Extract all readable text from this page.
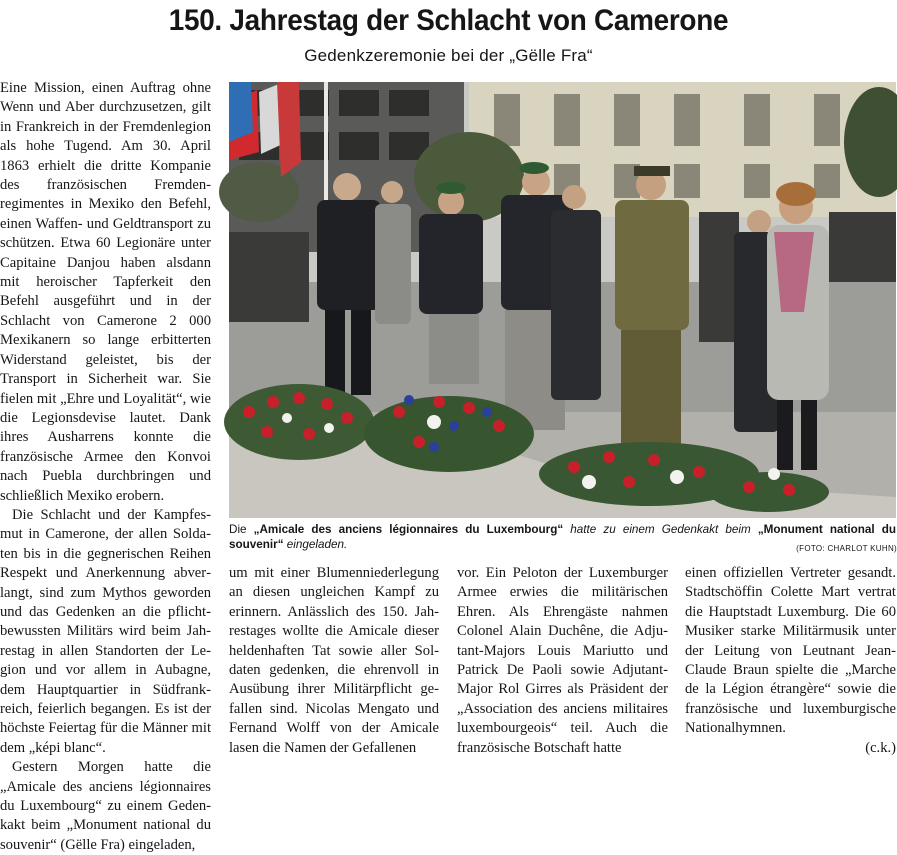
150. Jahrestag der Schlacht von Camerone
Gedenkzeremonie bei der „Gëlle Fra“

Eine Mission, einen Auftrag ohne Wenn und Aber durchzusetzen, gilt in Frankreich in der Fremdenlegion als hohe Tugend. Am 30. April 1863 erhielt die dritte Kompanie des französischen Fremdenregimentes in Mexiko den Befehl, einen Waffen- und Geldtransport zu schützen. Etwa 60 Legionäre unter Capitaine Danjou haben alsdann mit heroischer Tapferkeit den Befehl ausgeführt und in der Schlacht von Camerone 2 000 Mexikanern so lange erbitterten Widerstand geleistet, bis der Transport in Sicherheit war. Sie fielen mit „Ehre und Loyalität“, wie die Legionsdevise lautet. Dank ihres Ausharrens konnte die französische Armee den Konvoi nach Puebla durchbringen und schließlich Mexiko erobern.

Die Schlacht und der Kampfesmut in Camerone, der allen Soldaten bis in die gegnerischen Reihen Respekt und Anerkennung abverlangt, sind zum Mythos geworden und das Gedenken an die pflichtbewussten Militärs wird beim Jahrestag in allen Standorten der Legion und vor allem in Aubagne, dem Hauptquartier in Südfrankreich, feierlich begangen. Es ist der höchste Feiertag für die Männer mit dem „képi blanc“.

Gestern Morgen hatte die „Amicale des anciens légionnaires du Luxembourg“ zu einem Gedenkakt beim „Monument national du souvenir“ (Gëlle Fra) eingeladen,

Die „Amicale des anciens légionnaires du Luxembourg“ hatte zu einem Gedenkakt beim „Monument national du souvenir“ eingeladen.	(FOTO: CHARLOT KUHN)

um mit einer Blumenniederlegung an diesen ungleichen Kampf zu erinnern. Anlässlich des 150. Jahrestages wollte die Amicale dieser heldenhaften Tat sowie aller Soldaten gedenken, die ehrenvoll in Ausübung ihrer Militärpflicht gefallen sind. Nicolas Mengato und Fernand Wolff von der Amicale lasen die Namen der Gefallenen

vor. Ein Peloton der Luxemburger Armee erwies die militärischen Ehren. Als Ehrengäste nahmen Colonel Alain Duchêne, die Adjutant-Majors Louis Mariutto und Patrick De Paoli sowie Adjutant-Major Rol Girres als Präsident der „Association des anciens militaires luxembourgeois“ teil. Auch die französische Botschaft hatte

einen offiziellen Vertreter gesandt. Stadtschöffin Colette Mart vertrat die Hauptstadt Luxemburg. Die 60 Musiker starke Militärmusik unter der Leitung von Leutnant Jean-Claude Braun spielte die „Marche de la Légion étrangère“ sowie die französische und luxemburgische Nationalhymnen.

(c.k.)
